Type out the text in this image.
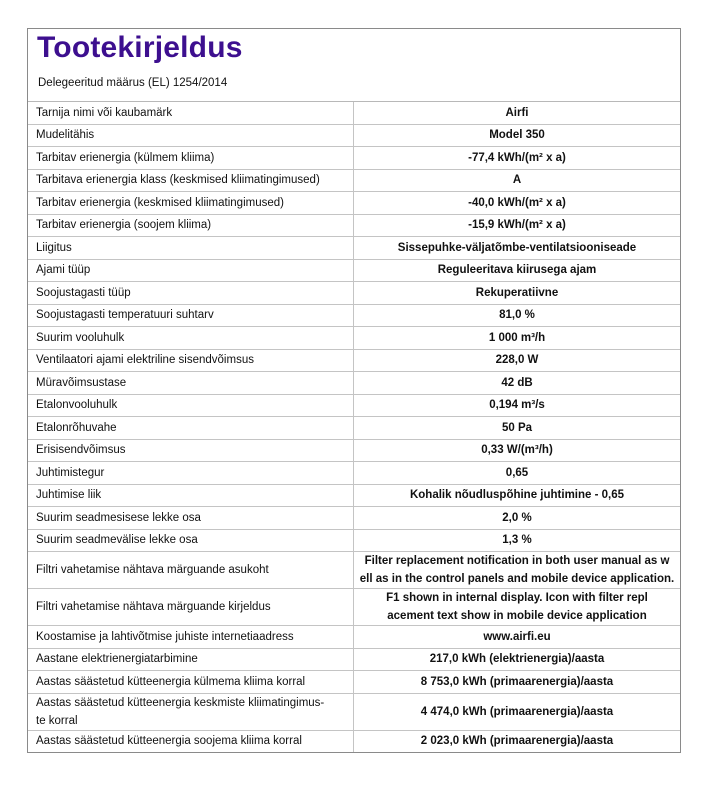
Tootekirjeldus
Delegeeritud määrus (EL) 1254/2014
Tarnija nimi või kaubamärk	Airfi
Mudelitähis	Model 350
Tarbitav erienergia (külmem kliima)	-77,4 kWh/(m² x a)
Tarbitava erienergia klass (keskmised kliimatingimused)	A
Tarbitav erienergia (keskmised kliimatingimused)	-40,0 kWh/(m² x a)
Tarbitav erienergia (soojem kliima)	-15,9 kWh/(m² x a)
Liigitus	Sissepuhke-väljatõmbe-ventilatsiooniseade
Ajami tüüp	Reguleeritava kiirusega ajam
Soojustagasti tüüp	Rekuperatiivne
Soojustagasti temperatuuri suhtarv	81,0 %
Suurim vooluhulk	1 000 m³/h
Ventilaatori ajami elektriline sisendvõimsus	228,0 W
Müravõimsustase	42 dB
Etalonvooluhulk	0,194 m³/s
Etalonrõhuvahe	50 Pa
Erisisendvõimsus	0,33 W/(m³/h)
Juhtimistegur	0,65
Juhtimise liik	Kohalik nõudluspõhine juhtimine - 0,65
Suurim seadmesisese lekke osa	2,0 %
Suurim seadmevälise lekke osa	1,3 %
Filtri vahetamise nähtava märguande asukoht	Filter replacement notification in both user manual as w
ell as in the control panels and mobile device application.
Filtri vahetamise nähtava märguande kirjeldus	F1 shown in internal display. Icon with filter repl
acement text show in mobile device application
Koostamise ja lahtivõtmise juhiste internetiaadress	www.airfi.eu
Aastane elektrienergiatarbimine	217,0 kWh (elektrienergia)/aasta
Aastas säästetud kütteenergia külmema kliima korral	8 753,0 kWh (primaarenergia)/aasta
Aastas säästetud kütteenergia keskmiste kliimatingimus-
te korral	4 474,0 kWh (primaarenergia)/aasta
Aastas säästetud kütteenergia soojema kliima korral	2 023,0 kWh (primaarenergia)/aasta
